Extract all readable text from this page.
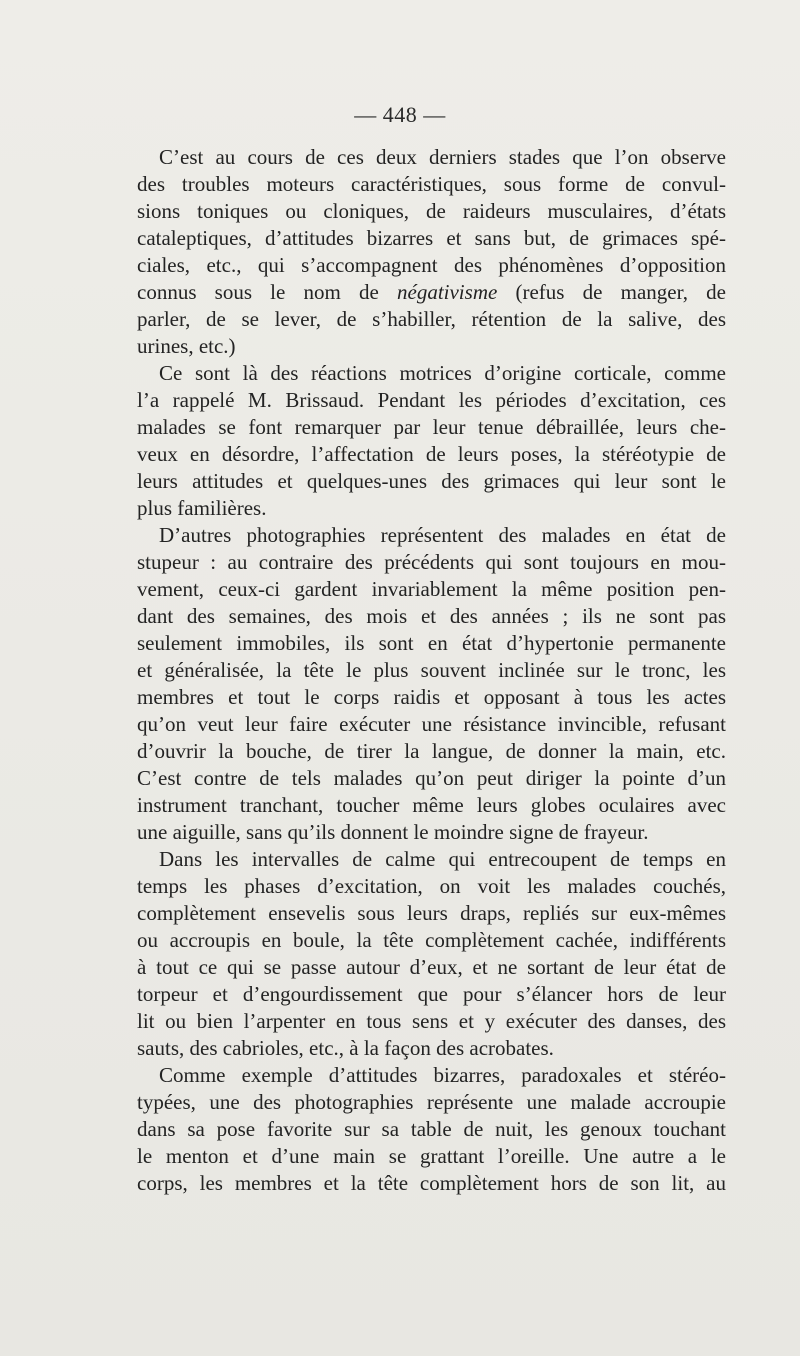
— 448 —
C’est au cours de ces deux derniers stades que l’on observe
des troubles moteurs caractéristiques, sous forme de convul-
sions toniques ou cloniques, de raideurs musculaires, d’états
cataleptiques, d’attitudes bizarres et sans but, de grimaces spé-
ciales, etc., qui s’accompagnent des phénomènes d’opposition
connus sous le nom de négativisme (refus de manger, de
parler, de se lever, de s’habiller, rétention de la salive, des
urines, etc.)
Ce sont là des réactions motrices d’origine corticale, comme
l’a rappelé M. Brissaud. Pendant les périodes d’excitation, ces
malades se font remarquer par leur tenue débraillée, leurs che-
veux en désordre, l’affectation de leurs poses, la stéréotypie de
leurs attitudes et quelques-unes des grimaces qui leur sont le
plus familières.
D’autres photographies représentent des malades en état de
stupeur : au contraire des précédents qui sont toujours en mou-
vement, ceux-ci gardent invariablement la même position pen-
dant des semaines, des mois et des années ; ils ne sont pas
seulement immobiles, ils sont en état d’hypertonie permanente
et généralisée, la tête le plus souvent inclinée sur le tronc, les
membres et tout le corps raidis et opposant à tous les actes
qu’on veut leur faire exécuter une résistance invincible, refusant
d’ouvrir la bouche, de tirer la langue, de donner la main, etc.
C’est contre de tels malades qu’on peut diriger la pointe d’un
instrument tranchant, toucher même leurs globes oculaires avec
une aiguille, sans qu’ils donnent le moindre signe de frayeur.
Dans les intervalles de calme qui entrecoupent de temps en
temps les phases d’excitation, on voit les malades couchés,
complètement ensevelis sous leurs draps, repliés sur eux-mêmes
ou accroupis en boule, la tête complètement cachée, indifférents
à tout ce qui se passe autour d’eux, et ne sortant de leur état de
torpeur et d’engourdissement que pour s’élancer hors de leur
lit ou bien l’arpenter en tous sens et y exécuter des danses, des
sauts, des cabrioles, etc., à la façon des acrobates.
Comme exemple d’attitudes bizarres, paradoxales et stéréo-
typées, une des photographies représente une malade accroupie
dans sa pose favorite sur sa table de nuit, les genoux touchant
le menton et d’une main se grattant l’oreille. Une autre a le
corps, les membres et la tête complètement hors de son lit, au
